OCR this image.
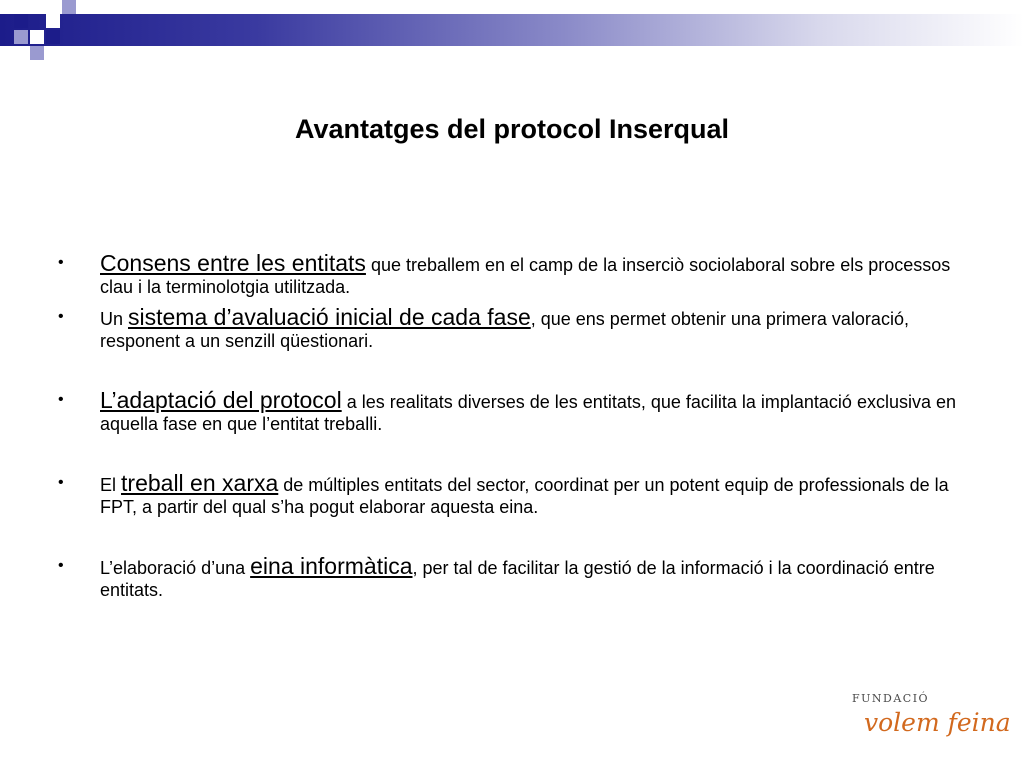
Avantatges del protocol Inserqual
• Consens entre les entitats que treballem en el camp de la inserciò sociolaboral sobre els processos clau i la terminolotgia utilitzada.
• Un sistema d’avaluació inicial de cada fase, que ens permet obtenir una primera valoració, responent a un senzill qüestionari.
• L’adaptació del protocol a les realitats diverses de les entitats, que facilita la implantació exclusiva en aquella fase en que l’entitat treballi.
• El treball en xarxa de múltiples entitats del sector, coordinat per un potent equip de professionals de la FPT, a partir del qual s’ha pogut elaborar aquesta eina.
• L’elaboració d’una eina informàtica, per tal de facilitar la gestió de la informació i la coordinació entre entitats.
FUNDACIÓ
volem feina
